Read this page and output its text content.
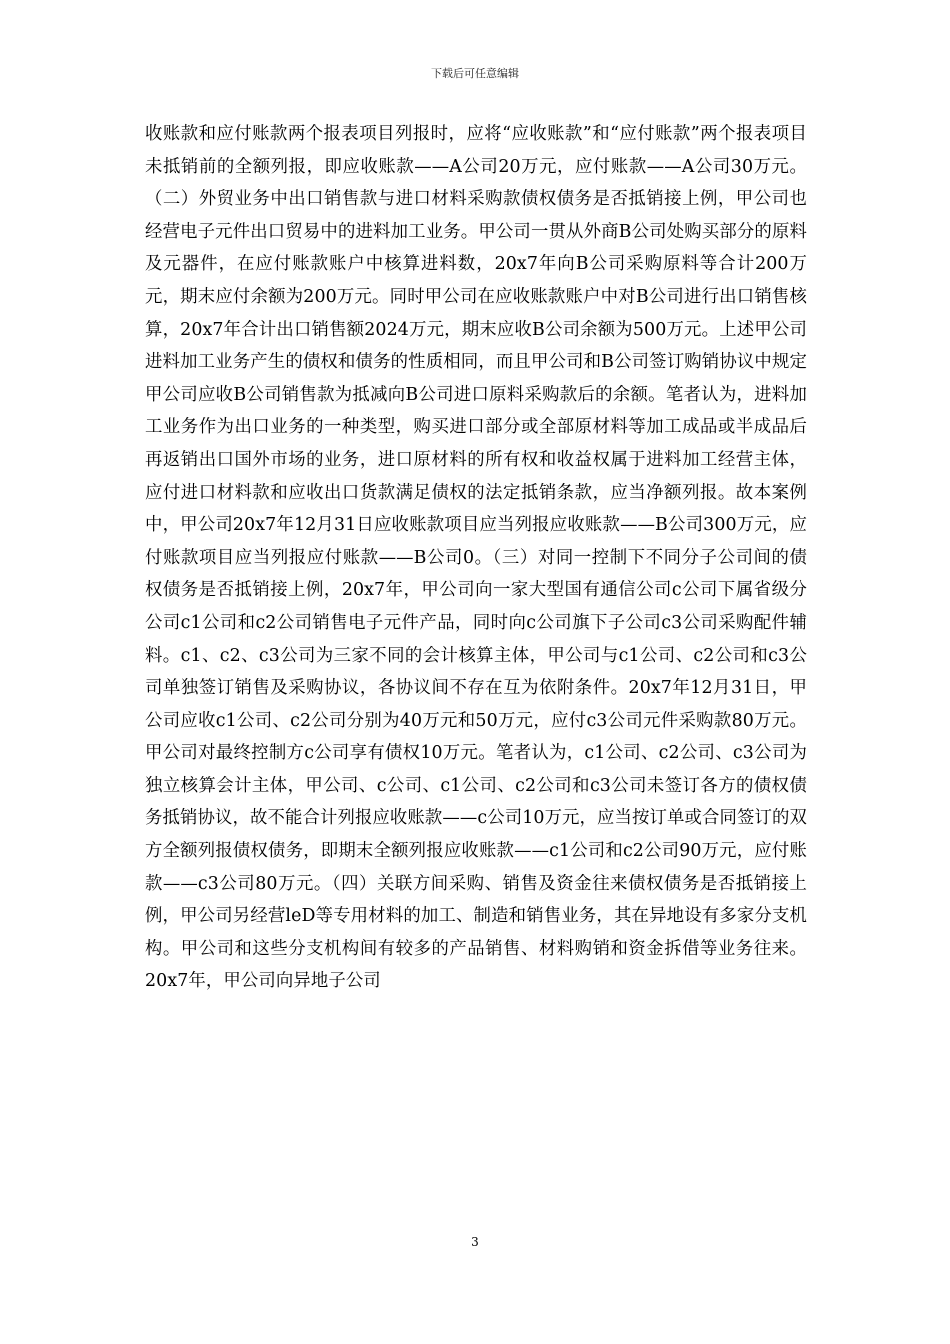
下载后可任意编辑

收账款和应付账款两个报表项目列报时，应将“应收账款”和“应付账款”两个报表项目未抵销前的全额列报，即应收账款——A公司20万元，应付账款——A公司30万元。（二）外贸业务中出口销售款与进口材料采购款债权债务是否抵销接上例，甲公司也经营电子元件出口贸易中的进料加工业务。甲公司一贯从外商B公司处购买部分的原料及元器件，在应付账款账户中核算进料数，20x7年向B公司采购原料等合计200万元，期末应付余额为200万元。同时甲公司在应收账款账户中对B公司进行出口销售核算，20x7年合计出口销售额2024万元，期末应收B公司余额为500万元。上述甲公司进料加工业务产生的债权和债务的性质相同，而且甲公司和B公司签订购销协议中规定甲公司应收B公司销售款为抵减向B公司进口原料采购款后的余额。笔者认为，进料加工业务作为出口业务的一种类型，购买进口部分或全部原材料等加工成品或半成品后再返销出口国外市场的业务，进口原材料的所有权和收益权属于进料加工经营主体，应付进口材料款和应收出口货款满足债权的法定抵销条款，应当净额列报。故本案例中，甲公司20x7年12月31日应收账款项目应当列报应收账款——B公司300万元，应付账款项目应当列报应付账款——B公司0。（三）对同一控制下不同分子公司间的债权债务是否抵销接上例，20x7年，甲公司向一家大型国有通信公司c公司下属省级分公司c1公司和c2公司销售电子元件产品，同时向c公司旗下子公司c3公司采购配件辅料。c1、c2、c3公司为三家不同的会计核算主体，甲公司与c1公司、c2公司和c3公司单独签订销售及采购协议，各协议间不存在互为依附条件。20x7年12月31日，甲公司应收c1公司、c2公司分别为40万元和50万元，应付c3公司元件采购款80万元。甲公司对最终控制方c公司享有债权10万元。笔者认为，c1公司、c2公司、c3公司为独立核算会计主体，甲公司、c公司、c1公司、c2公司和c3公司未签订各方的债权债务抵销协议，故不能合计列报应收账款——c公司10万元，应当按订单或合同签订的双方全额列报债权债务，即期末全额列报应收账款——c1公司和c2公司90万元，应付账款——c3公司80万元。（四）关联方间采购、销售及资金往来债权债务是否抵销接上例，甲公司另经营leD等专用材料的加工、制造和销售业务，其在异地设有多家分支机构。甲公司和这些分支机构间有较多的产品销售、材料购销和资金拆借等业务往来。20x7年，甲公司向异地子公司

3
